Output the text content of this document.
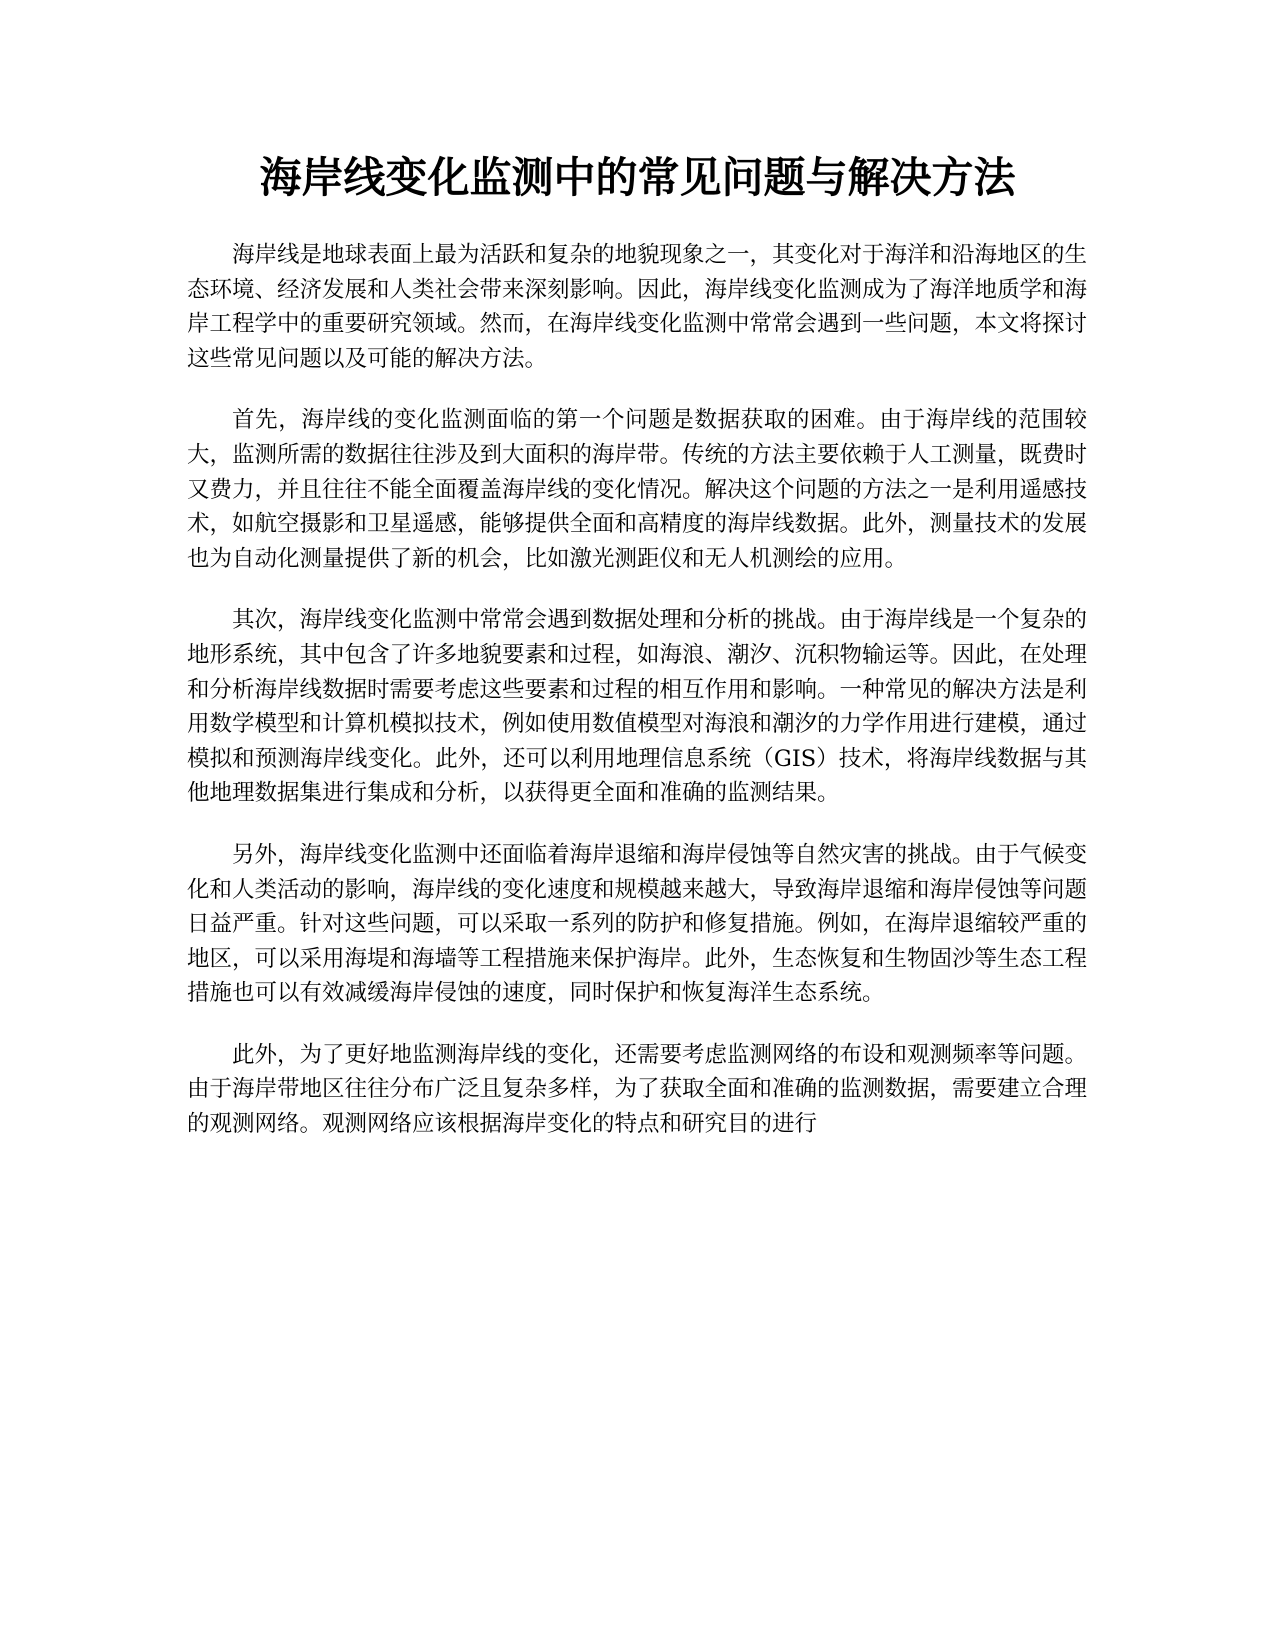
海岸线变化监测中的常见问题与解决方法

海岸线是地球表面上最为活跃和复杂的地貌现象之一，其变化对于海洋和沿海地区的生态环境、经济发展和人类社会带来深刻影响。因此，海岸线变化监测成为了海洋地质学和海岸工程学中的重要研究领域。然而，在海岸线变化监测中常常会遇到一些问题，本文将探讨这些常见问题以及可能的解决方法。

首先，海岸线的变化监测面临的第一个问题是数据获取的困难。由于海岸线的范围较大，监测所需的数据往往涉及到大面积的海岸带。传统的方法主要依赖于人工测量，既费时又费力，并且往往不能全面覆盖海岸线的变化情况。解决这个问题的方法之一是利用遥感技术，如航空摄影和卫星遥感，能够提供全面和高精度的海岸线数据。此外，测量技术的发展也为自动化测量提供了新的机会，比如激光测距仪和无人机测绘的应用。

其次，海岸线变化监测中常常会遇到数据处理和分析的挑战。由于海岸线是一个复杂的地形系统，其中包含了许多地貌要素和过程，如海浪、潮汐、沉积物输运等。因此，在处理和分析海岸线数据时需要考虑这些要素和过程的相互作用和影响。一种常见的解决方法是利用数学模型和计算机模拟技术，例如使用数值模型对海浪和潮汐的力学作用进行建模，通过模拟和预测海岸线变化。此外，还可以利用地理信息系统（GIS）技术，将海岸线数据与其他地理数据集进行集成和分析，以获得更全面和准确的监测结果。

另外，海岸线变化监测中还面临着海岸退缩和海岸侵蚀等自然灾害的挑战。由于气候变化和人类活动的影响，海岸线的变化速度和规模越来越大，导致海岸退缩和海岸侵蚀等问题日益严重。针对这些问题，可以采取一系列的防护和修复措施。例如，在海岸退缩较严重的地区，可以采用海堤和海墙等工程措施来保护海岸。此外，生态恢复和生物固沙等生态工程措施也可以有效减缓海岸侵蚀的速度，同时保护和恢复海洋生态系统。

此外，为了更好地监测海岸线的变化，还需要考虑监测网络的布设和观测频率等问题。由于海岸带地区往往分布广泛且复杂多样，为了获取全面和准确的监测数据，需要建立合理的观测网络。观测网络应该根据海岸变化的特点和研究目的进行
